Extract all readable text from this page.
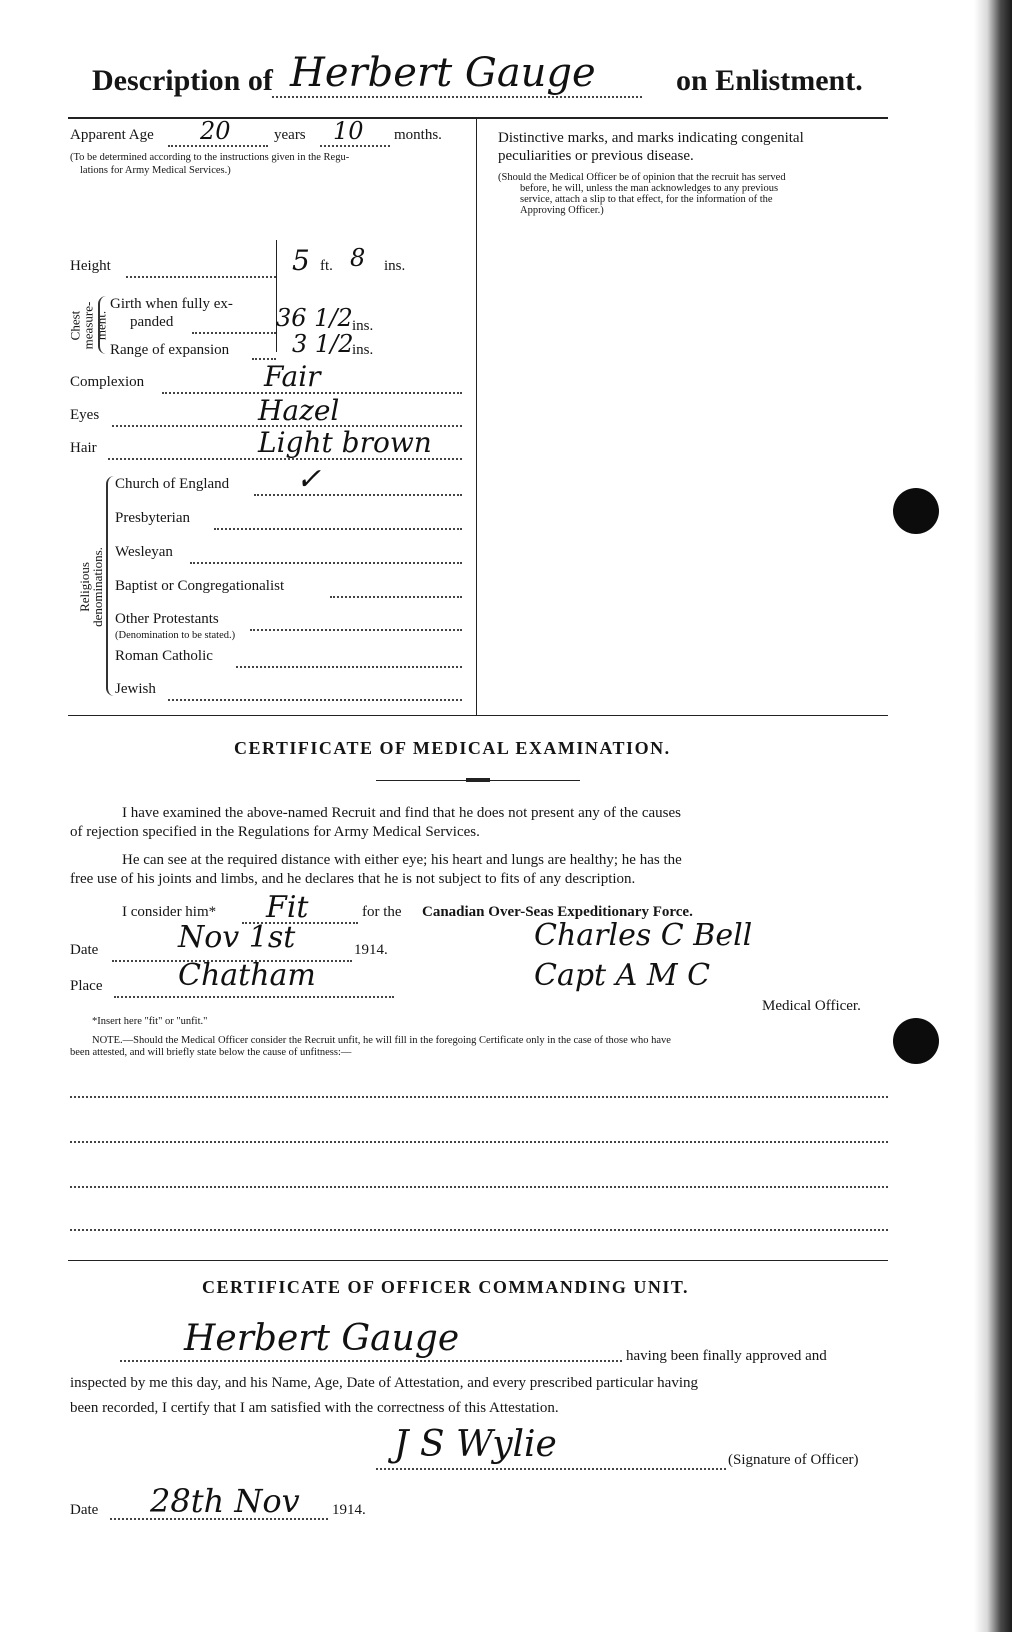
Description of Herbert Gauge	on Enlistment.
Apparent Age 20	years 10 months.
(To be determined according to the instructions given in the Regu-
lations for Army Medical Services.)
Height	5 ft. 8 ins.
Chest
measure-
ment.
Girth when fully ex-
panded	36 1/2 ins.
Range of expansion	3 1/2
ins.
Complexion	Fair
Eyes	Hazel
Hair	Light brown
Religious
denominations.
Church of England ✓
Presbyterian
Wesleyan
Baptist or Congregationalist
Other Protestants
(Denomination to be stated.)
Roman Catholic
Jewish
Distinctive marks, and marks indicating congenital
peculiarities or previous disease.
(Should the Medical Officer be of opinion that the recruit has served
before, he will, unless the man acknowledges to any previous
service, attach a slip to that effect, for the information of the
Approving Officer.)
CERTIFICATE OF MEDICAL EXAMINATION.
I have examined the above-named Recruit and find that he does not present any of the causes
of rejection specified in the Regulations for Army Medical Services.
He can see at the required distance with either eye; his heart and lungs are healthy; he has the
free use of his joints and limbs, and he declares that he is not subject to fits of any description.
I consider him* Fit	for the Canadian Over-Seas Expeditionary Force.
Date	Nov 1st	1914.	Charles C Bell
Place	Chatham	Capt A M C
Medical Officer.
*Insert here "fit" or "unfit."
NOTE.—Should the Medical Officer consider the Recruit unfit, he will fill in the foregoing Certificate only in the case of those who have
been attested, and will briefly state below the cause of unfitness:—
CERTIFICATE OF OFFICER COMMANDING UNIT.
Herbert Gauge	having been finally approved and
inspected by me this day, and his Name, Age, Date of Attestation, and every prescribed particular having
been recorded, I certify that I am satisfied with the correctness of this Attestation.
J S Wylie	(Signature of Officer)
Date 28th Nov 1914.
